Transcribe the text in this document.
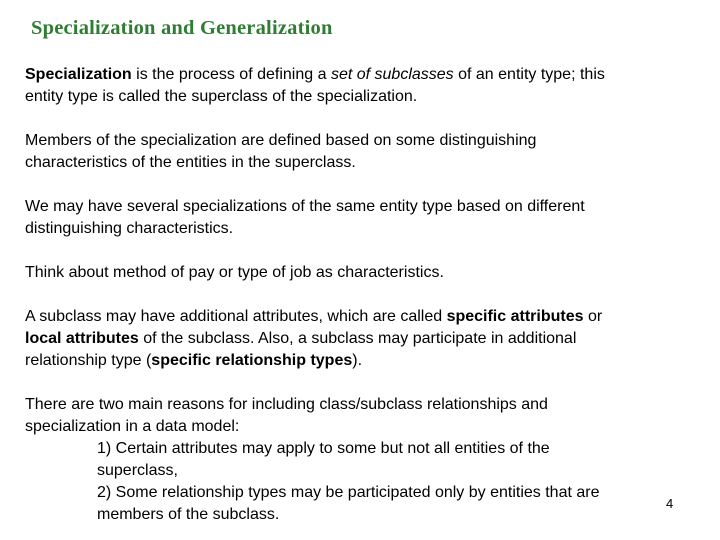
Specialization and Generalization
Specialization is the process of defining a set of subclasses of an entity type; this
entity type is called the superclass of the specialization.
Members of the specialization are defined based on some distinguishing
characteristics of the entities in the superclass.
We may have several specializations of the same entity type based on different
distinguishing characteristics.
Think about method of pay or type of job as characteristics.
A subclass may have additional attributes, which are called specific attributes or
local attributes of the subclass. Also, a subclass may participate in additional
relationship type (specific relationship types).
There are two main reasons for including class/subclass relationships and
specialization in a data model:
1) Certain attributes may apply to some but not all entities of the
superclass,
2) Some relationship types may be participated only by entities that are
members of the subclass.
4
